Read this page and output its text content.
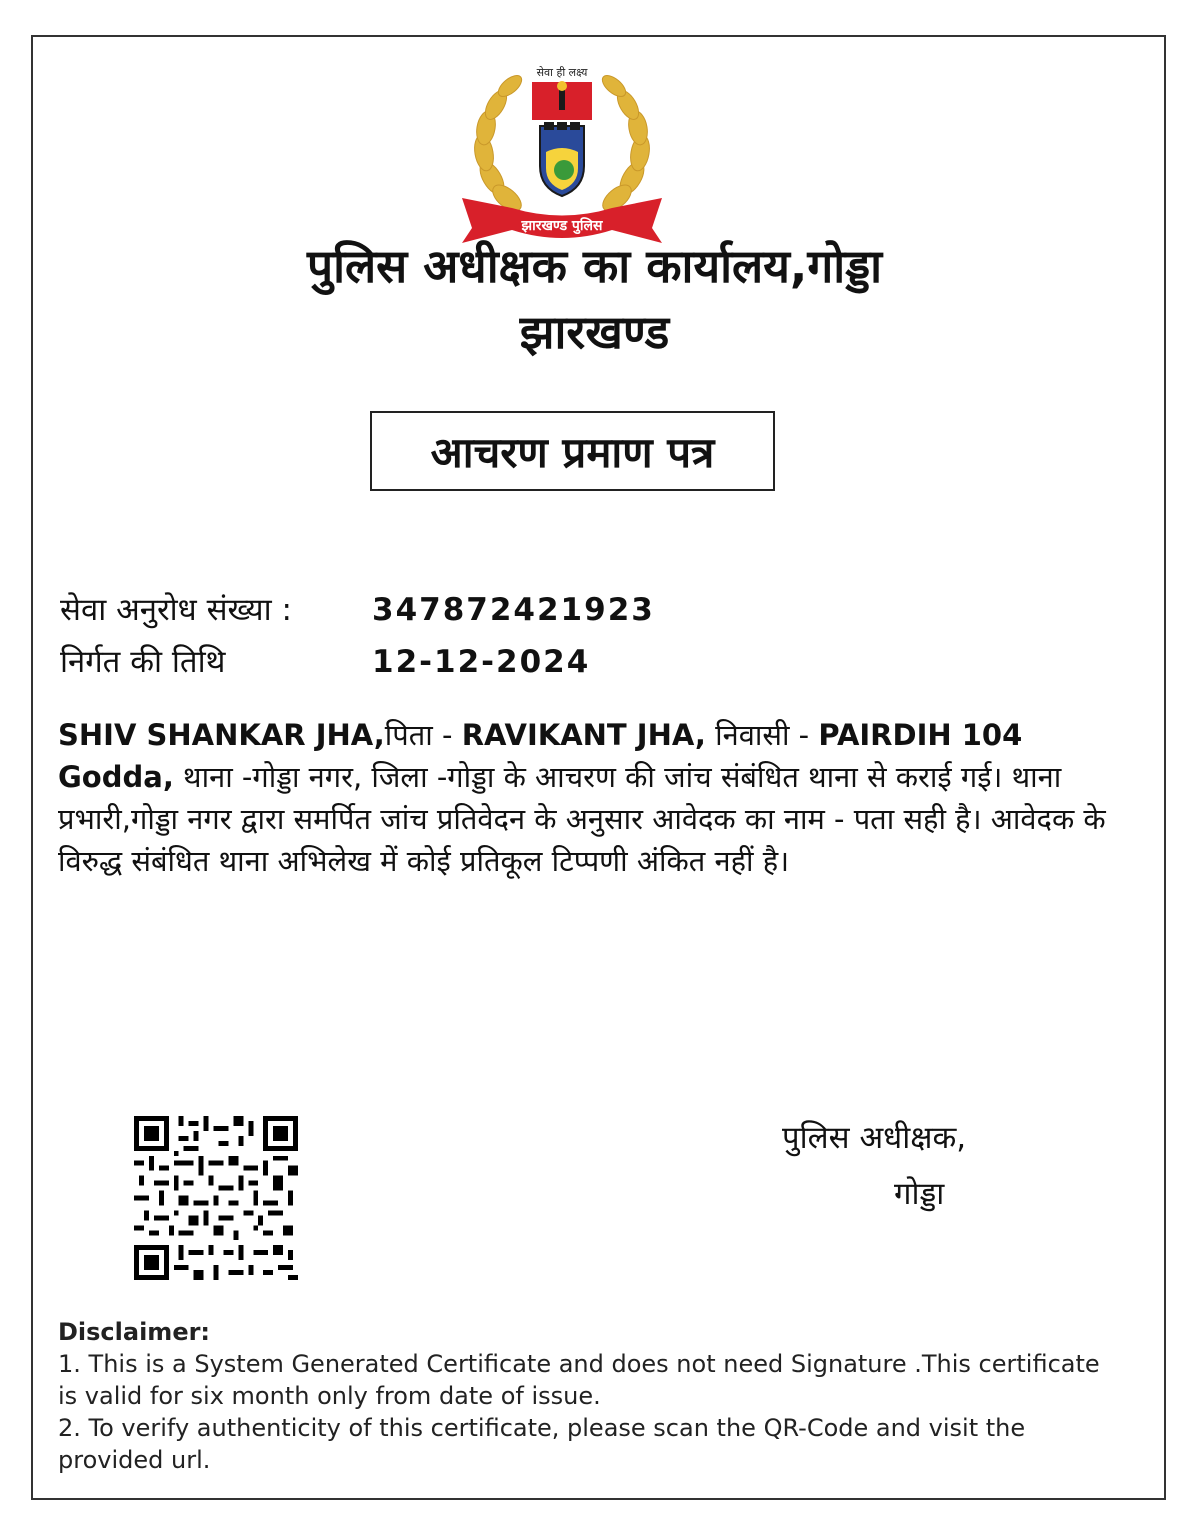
सेवा ही लक्ष्य
झारखण्ड पुलिस
पुलिस अधीक्षक का कार्यालय,गोड्डा
झारखण्ड
आचरण प्रमाण पत्र
सेवा अनुरोध संख्या :	347872421923
निर्गत की तिथि	12-12-2024
SHIV SHANKAR JHA,पिता - RAVIKANT JHA, निवासी - PAIRDIH 104 Godda, थाना -गोड्डा नगर, जिला -गोड्डा के आचरण की जांच संबंधित थाना से कराई गई। थाना प्रभारी,गोड्डा नगर द्वारा समर्पित जांच प्रतिवेदन के अनुसार आवेदक का नाम - पता सही है। आवेदक के विरुद्ध संबंधित थाना अभिलेख में कोई प्रतिकूल टिप्पणी अंकित नहीं है।
पुलिस अधीक्षक,
गोड्डा
Disclaimer:
1. This is a System Generated Certificate and does not need Signature .This certificate is valid for six month only from date of issue.
2. To verify authenticity of this certificate, please scan the QR-Code and visit the provided url.
